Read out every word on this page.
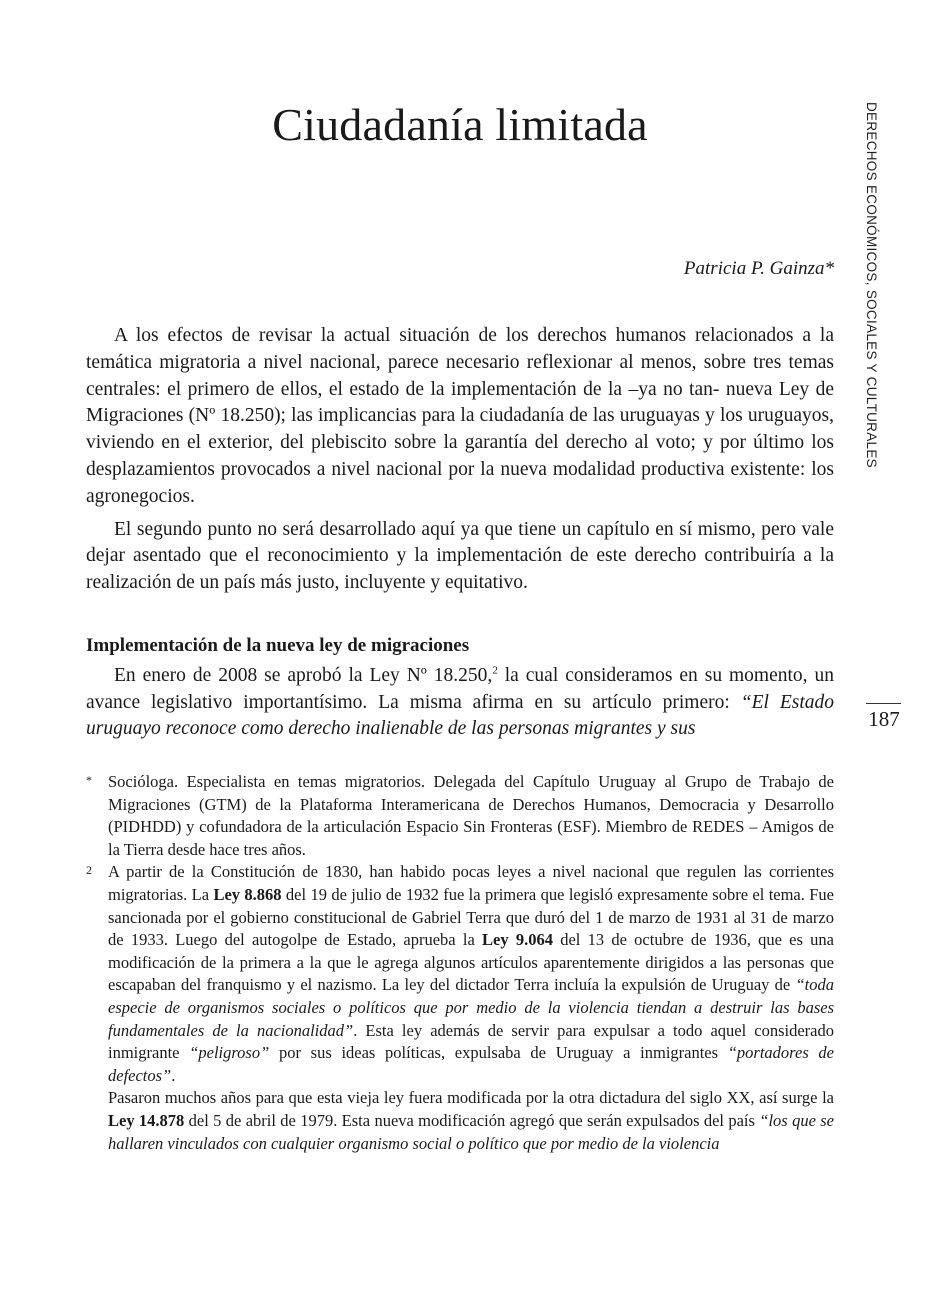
Ciudadanía limitada

Patricia P. Gainza* DERECHOS ECONÓMICOS, SOCIALES Y CULTURALES
187

A los efectos de revisar la actual situación de los derechos humanos relacionados a la temática migratoria a nivel nacional, parece necesario reflexionar al menos, sobre tres temas centrales: el primero de ellos, el estado de la implementación de la –ya no tan- nueva Ley de Migraciones (Nº 18.250); las implicancias para la ciudadanía de las uruguayas y los uruguayos, viviendo en el exterior, del plebiscito sobre la garantía del derecho al voto; y por último los desplazamientos provocados a nivel nacional por la nueva modalidad productiva existente: los agronegocios.

El segundo punto no será desarrollado aquí ya que tiene un capítulo en sí mismo, pero vale dejar asentado que el reconocimiento y la implementación de este derecho contribuiría a la realización de un país más justo, incluyente y equitativo.

Implementación de la nueva ley de migraciones

En enero de 2008 se aprobó la Ley Nº 18.250,$^2$ la cual consideramos en su momento, un avance legislativo importantísimo. La misma afirma en su artículo primero: “El Estado uruguayo reconoce como derecho inalienable de las personas migrantes y sus

* Socióloga. Especialista en temas migratorios. Delegada del Capítulo Uruguay al Grupo de Trabajo de Migraciones (GTM) de la Plataforma Interamericana de Derechos Humanos, Democracia y Desarrollo (PIDHDD) y cofundadora de la articulación Espacio Sin Fronteras (ESF). Miembro de REDES – Amigos de la Tierra desde hace tres años.

2 A partir de la Constitución de 1830, han habido pocas leyes a nivel nacional que regulen las corrientes migratorias. La Ley 8.868 del 19 de julio de 1932 fue la primera que legisló expresamente sobre el tema. Fue sancionada por el gobierno constitucional de Gabriel Terra que duró del 1 de marzo de 1931 al 31 de marzo de 1933. Luego del autogolpe de Estado, aprueba la Ley 9.064 del 13 de octubre de 1936, que es una modificación de la primera a la que le agrega algunos artículos aparentemente dirigidos a las personas que escapaban del franquismo y el nazismo. La ley del dictador Terra incluía la expulsión de Uruguay de “toda especie de organismos sociales o políticos que por medio de la violencia tiendan a destruir las bases fundamentales de la nacionalidad”. Esta ley además de servir para expulsar a todo aquel considerado inmigrante “peligroso” por sus ideas políticas, expulsaba de Uruguay a inmigrantes “portadores de defectos”.

Pasaron muchos años para que esta vieja ley fuera modificada por la otra dictadura del siglo XX, así surge la Ley 14.878 del 5 de abril de 1979. Esta nueva modificación agregó que serán expulsados del país “los que se hallaren vinculados con cualquier organismo social o político que por medio de la violencia
